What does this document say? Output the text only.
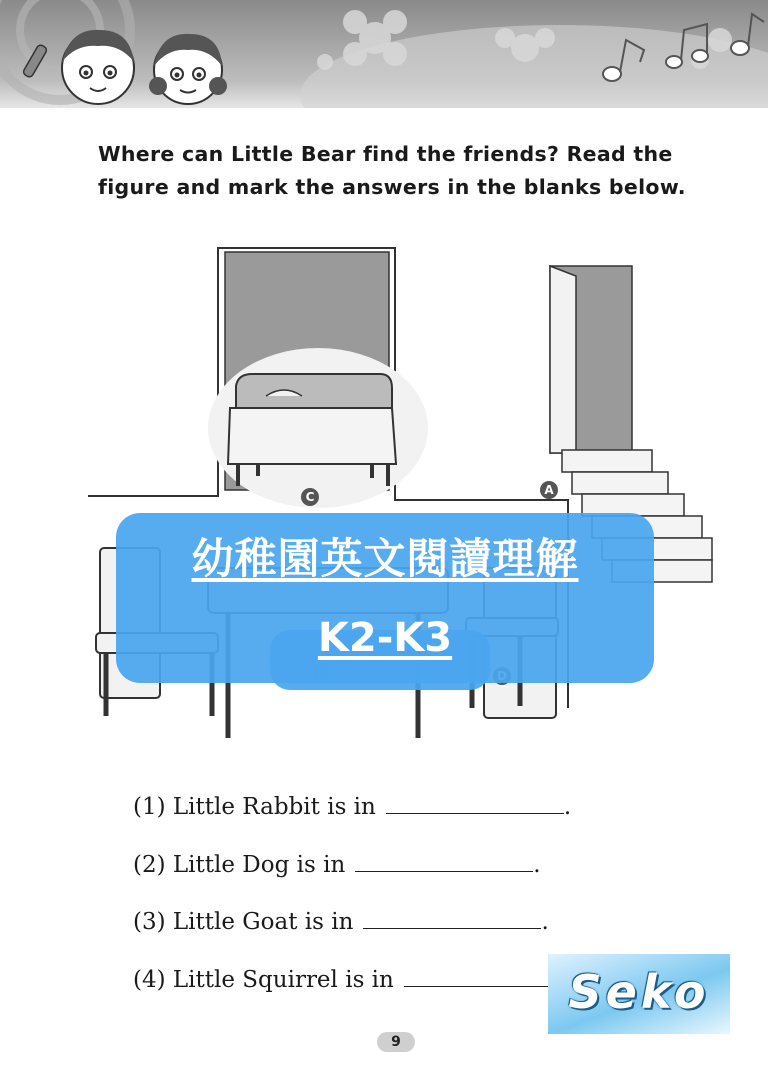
Where can Little Bear find the friends? Read the figure and mark the answers in the blanks below.

A
C

幼稚園英文閱讀理解

K2-K3

(1) Little Rabbit is in	.
(2) Little Dog is in	.
(3) Little Goat is in	.
(4) Little Squirrel is in	Seko
9
